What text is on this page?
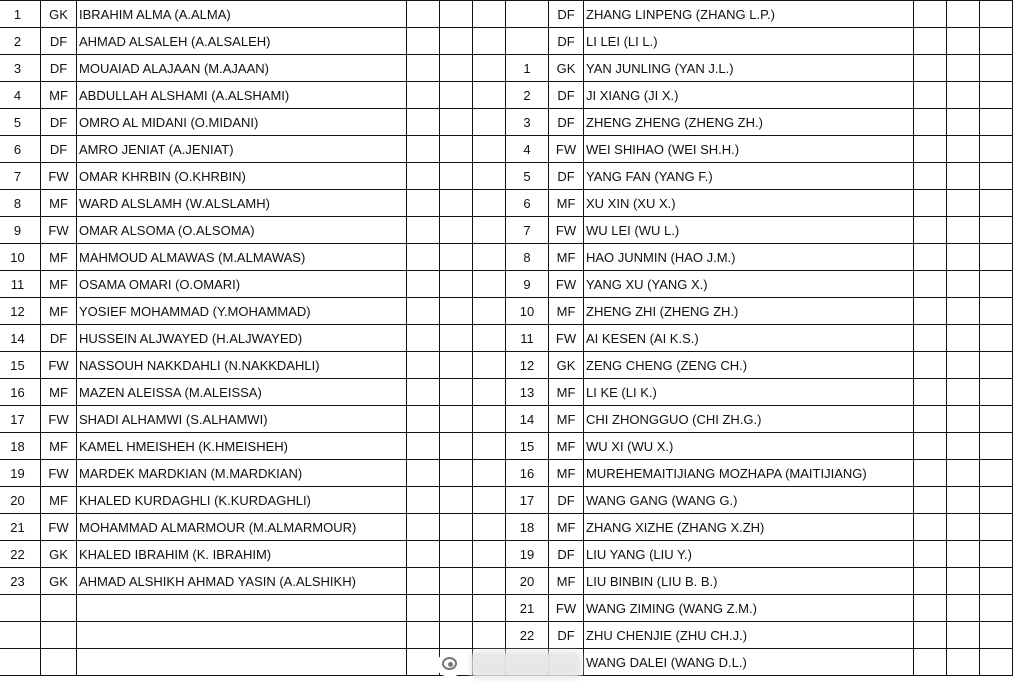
1	GK	IBRAHIM ALMA (A.ALMA)			
2	DF	AHMAD ALSALEH (A.ALSALEH)			
3	DF	MOUAIAD ALAJAAN (M.AJAAN)			
4	MF	ABDULLAH ALSHAMI (A.ALSHAMI)			
5	DF	OMRO AL MIDANI (O.MIDANI)			
6	DF	AMRO JENIAT (A.JENIAT)			
7	FW	OMAR KHRBIN (O.KHRBIN)			
8	MF	WARD ALSLAMH (W.ALSLAMH)			
9	FW	OMAR ALSOMA (O.ALSOMA)			
10	MF	MAHMOUD ALMAWAS (M.ALMAWAS)			
11	MF	OSAMA OMARI (O.OMARI)			
12	MF	YOSIEF MOHAMMAD (Y.MOHAMMAD)			
14	DF	HUSSEIN ALJWAYED (H.ALJWAYED)			
15	FW	NASSOUH NAKKDAHLI (N.NAKKDAHLI)			
16	MF	MAZEN ALEISSA (M.ALEISSA)			
17	FW	SHADI ALHAMWI (S.ALHAMWI)			
18	MF	KAMEL HMEISHEH (K.HMEISHEH)			
19	FW	MARDEK MARDKIAN (M.MARDKIAN)			
20	MF	KHALED KURDAGHLI (K.KURDAGHLI)			
21	FW	MOHAMMAD ALMARMOUR (M.ALMARMOUR)			
22	GK	KHALED IBRAHIM (K. IBRAHIM)			
23	GK	AHMAD ALSHIKH AHMAD YASIN (A.ALSHIKH)			

	DF	ZHANG LINPENG (ZHANG L.P.)			
	DF	LI LEI (LI L.)			
1	GK	YAN JUNLING (YAN J.L.)			
2	DF	JI XIANG (JI X.)			
3	DF	ZHENG ZHENG (ZHENG ZH.)			
4	FW	WEI SHIHAO (WEI SH.H.)			
5	DF	YANG FAN (YANG F.)			
6	MF	XU XIN (XU X.)			
7	FW	WU LEI (WU L.)			
8	MF	HAO JUNMIN (HAO J.M.)			
9	FW	YANG XU (YANG X.)			
10	MF	ZHENG ZHI (ZHENG ZH.)			
11	FW	AI KESEN (AI K.S.)			
12	GK	ZENG CHENG (ZENG CH.)			
13	MF	LI KE (LI K.)			
14	MF	CHI ZHONGGUO (CHI ZH.G.)			
15	MF	WU XI (WU X.)			
16	MF	MUREHEMAITIJIANG MOZHAPA (MAITIJIANG)			
17	DF	WANG GANG (WANG G.)			
18	MF	ZHANG XIZHE (ZHANG X.ZH)			
19	DF	LIU YANG (LIU Y.)			
20	MF	LIU BINBIN (LIU B. B.)			
21	FW	WANG ZIMING (WANG Z.M.)			
22	DF	ZHU CHENJIE (ZHU CH.J.)			
		WANG DALEI (WANG D.L.)			
